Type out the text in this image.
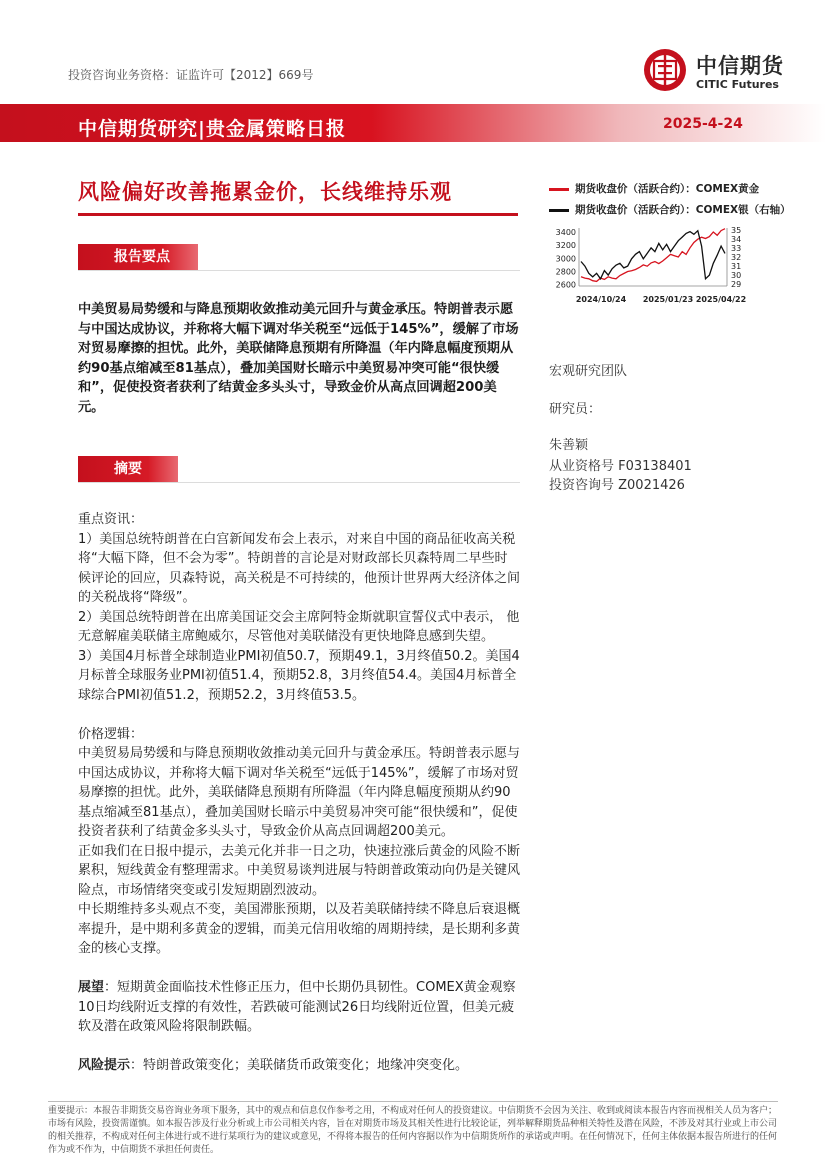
投资咨询业务资格：证监许可【2012】669号	中信期货
CITIC Futures
中信期货研究|贵金属策略日报	2025-4-24
风险偏好改善拖累金价，长线维持乐观
报告要点
中美贸易局势缓和与降息预期收敛推动美元回升与黄金承压。特朗普表示愿与中国达成协议，并称将大幅下调对华关税至“远低于145%”，缓解了市场对贸易摩擦的担忧。此外，美联储降息预期有所降温（年内降息幅度预期从约90基点缩减至81基点），叠加美国财长暗示中美贸易冲突可能“很快缓和”，促使投资者获利了结黄金多头头寸，导致金价从高点回调超200美元。
摘要

重点资讯：

1）美国总统特朗普在白宫新闻发布会上表示，对来自中国的商品征收高关税将“大幅下降，但不会为零”。特朗普的言论是对财政部长贝森特周二早些时候评论的回应，贝森特说，高关税是不可持续的，他预计世界两大经济体之间的关税战将“降级”。

2）美国总统特朗普在出席美国证交会主席阿特金斯就职宣誓仪式中表示， 他无意解雇美联储主席鲍威尔，尽管他对美联储没有更快地降息感到失望。

3）美国4月标普全球制造业PMI初值50.7，预期49.1，3月终值50.2。美国4月标普全球服务业PMI初值51.4，预期52.8，3月终值54.4。美国4月标普全球综合PMI初值51.2，预期52.2，3月终值53.5。

价格逻辑：

中美贸易局势缓和与降息预期收敛推动美元回升与黄金承压。特朗普表示愿与中国达成协议，并称将大幅下调对华关税至“远低于145%”，缓解了市场对贸易摩擦的担忧。此外，美联储降息预期有所降温（年内降息幅度预期从约90基点缩减至81基点），叠加美国财长暗示中美贸易冲突可能“很快缓和”，促使投资者获利了结黄金多头头寸，导致金价从高点回调超200美元。

正如我们在日报中提示，去美元化并非一日之功，快速拉涨后黄金的风险不断累积，短线黄金有整理需求。中美贸易谈判进展与特朗普政策动向仍是关键风险点，市场情绪突变或引发短期剧烈波动。

中长期维持多头观点不变，美国滞胀预期，以及若美联储持续不降息后衰退概率提升，是中期利多黄金的逻辑，而美元信用收缩的周期持续，是长期利多黄金的核心支撑。

展望：短期黄金面临技术性修正压力，但中长期仍具韧性。COMEX黄金观察10日均线附近支撑的有效性，若跌破可能测试26日均线附近位置，但美元疲软及潜在政策风险将限制跌幅。

风险提示：特朗普政策变化；美联储货币政策变化；地缘冲突变化。

期货收盘价（活跃合约）：COMEX黄金
期货收盘价（活跃合约）：COMEX银（右轴）
2600
2800
3000
3200
3400
29
30
31
32
33
34
35
2024/10/24 2025/01/23 2025/04/22
宏观研究团队
研究员：
朱善颖
从业资格号 F03138401
投资咨询号 Z0021426
重要提示：本报告非期货交易咨询业务项下服务，其中的观点和信息仅作参考之用，不构成对任何人的投资建议。中信期货不会因为关注、收到或阅读本报告内容而视相关人员为客户；市场有风险，投资需谨慎。如本报告涉及行业分析或上市公司相关内容，旨在对期货市场及其相关性进行比较论证，列举解释期货品种相关特性及潜在风险，不涉及对其行业或上市公司的相关推荐，不构成对任何主体进行或不进行某项行为的建议或意见，不得将本报告的任何内容据以作为中信期货所作的承诺或声明。在任何情况下，任何主体依据本报告所进行的任何作为或不作为，中信期货不承担任何责任。
